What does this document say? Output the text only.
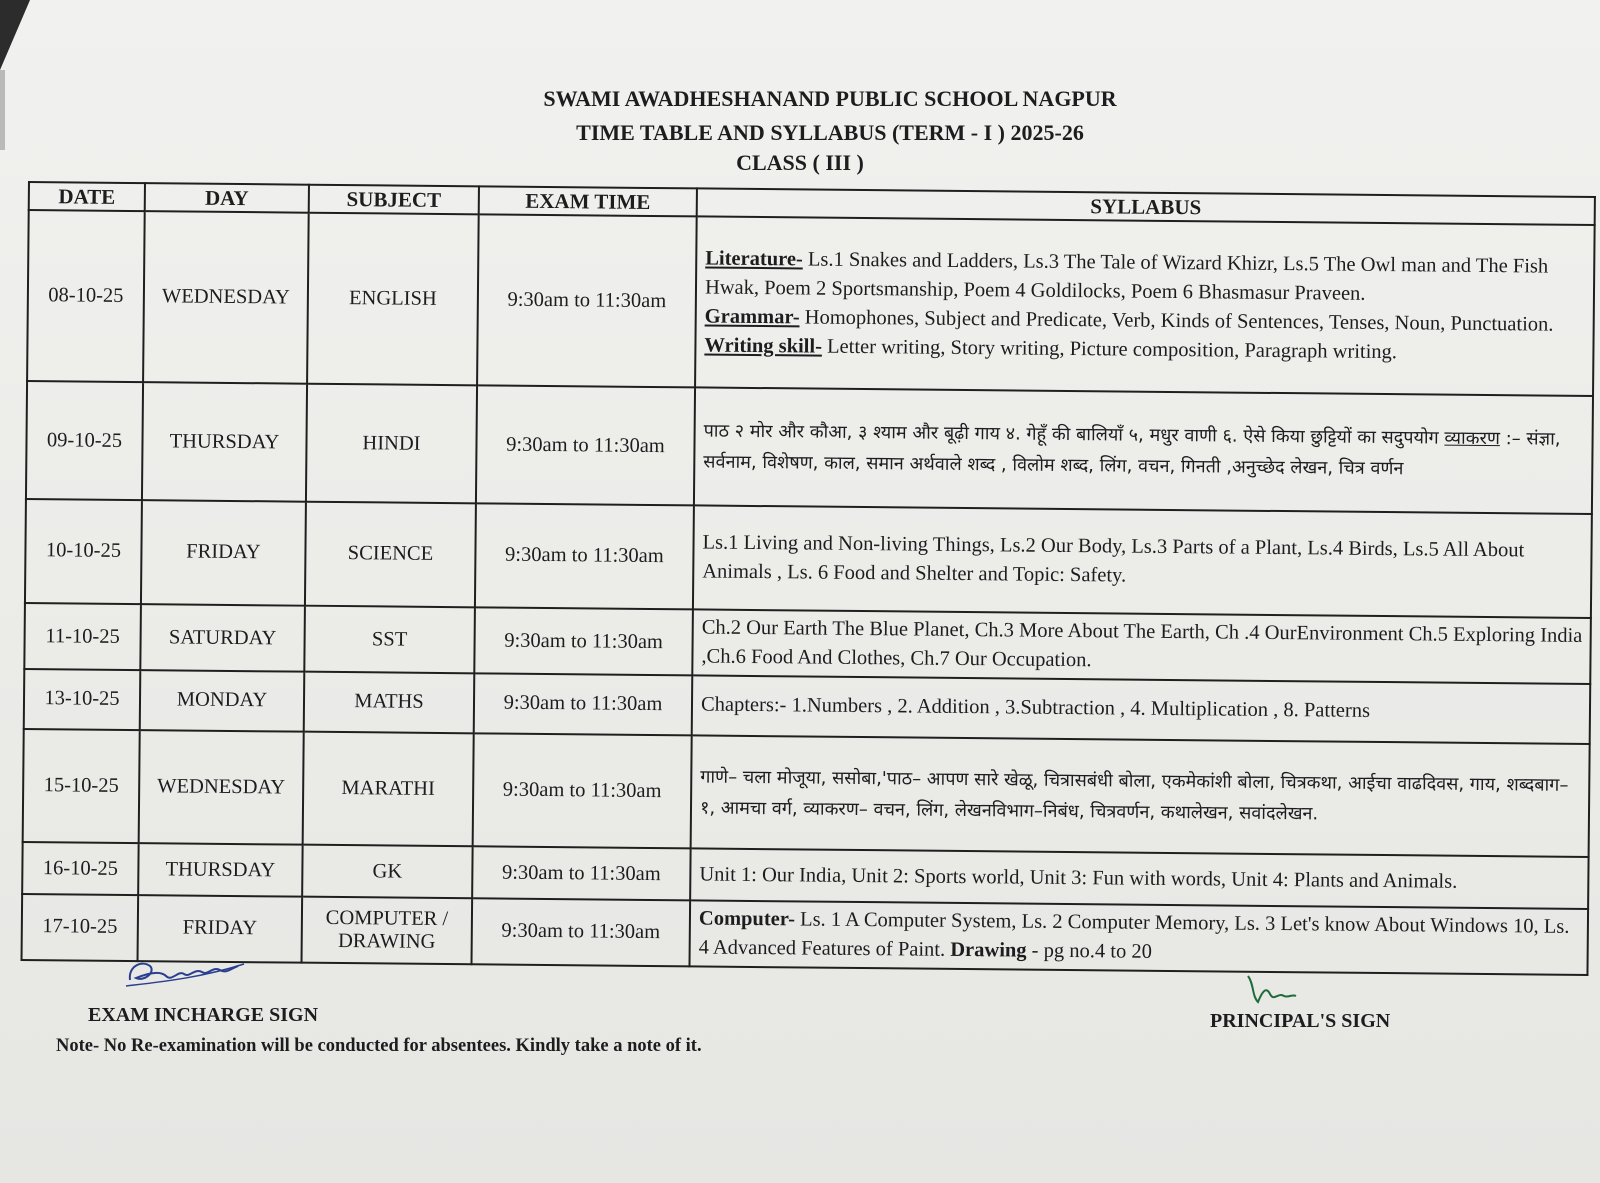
SWAMI AWADHESHANAND PUBLIC SCHOOL NAGPUR
TIME TABLE AND SYLLABUS (TERM - I ) 2025-26
CLASS ( III )
DATE	DAY	SUBJECT	EXAM TIME	SYLLABUS
08-10-25	WEDNESDAY	ENGLISH	9:30am to 11:30am	Literature- Ls.1 Snakes and Ladders, Ls.3 The Tale of Wizard Khizr, Ls.5 The Owl man and The Fish Hwak, Poem 2 Sportsmanship, Poem 4 Goldilocks, Poem 6 Bhasmasur Praveen.
Grammar- Homophones, Subject and Predicate, Verb, Kinds of Sentences, Tenses, Noun, Punctuation. Writing skill- Letter writing, Story writing, Picture composition, Paragraph writing.
09-10-25	THURSDAY	HINDI	9:30am to 11:30am	पाठ २ मोर और कौआ, ३ श्याम और बूढ़ी गाय ४. गेहूँ की बालियाँ ५, मधुर वाणी ६. ऐसे किया छुट्टियों का सदुपयोग व्याकरण :– संज्ञा, सर्वनाम, विशेषण, काल, समान अर्थवाले शब्द , विलोम शब्द, लिंग, वचन, गिनती ,अनुच्छेद लेखन, चित्र वर्णन
10-10-25	FRIDAY	SCIENCE	9:30am to 11:30am	Ls.1 Living and Non-living Things, Ls.2 Our Body, Ls.3 Parts of a Plant, Ls.4 Birds, Ls.5 All About Animals , Ls. 6 Food and Shelter and Topic: Safety.
11-10-25	SATURDAY	SST	9:30am to 11:30am	Ch.2 Our Earth The Blue Planet, Ch.3 More About The Earth, Ch .4 OurEnvironment Ch.5 Exploring India ,Ch.6 Food And Clothes, Ch.7 Our Occupation.
13-10-25	MONDAY	MATHS	9:30am to 11:30am	Chapters:- 1.Numbers , 2. Addition , 3.Subtraction , 4. Multiplication , 8. Patterns
15-10-25	WEDNESDAY	MARATHI	9:30am to 11:30am	गाणे– चला मोजूया, ससोबा,'पाठ– आपण सारे खेळू, चित्रासबंधी बोला, एकमेकांशी बोला, चित्रकथा, आईचा वाढदिवस, गाय, शब्दबाग–१, आमचा वर्ग, व्याकरण– वचन, लिंग, लेखनविभाग–निबंध, चित्रवर्णन, कथालेखन, सवांदलेखन.
16-10-25	THURSDAY	GK	9:30am to 11:30am	Unit 1: Our India, Unit 2: Sports world, Unit 3: Fun with words, Unit 4: Plants and Animals.
17-10-25	FRIDAY	COMPUTER / DRAWING	9:30am to 11:30am	Computer- Ls. 1 A Computer System, Ls. 2 Computer Memory, Ls. 3 Let's know About Windows 10, Ls. 4 Advanced Features of Paint. Drawing - pg no.4 to 20
EXAM INCHARGE SIGN	PRINCIPAL'S SIGN
Note- No Re-examination will be conducted for absentees. Kindly take a note of it.
